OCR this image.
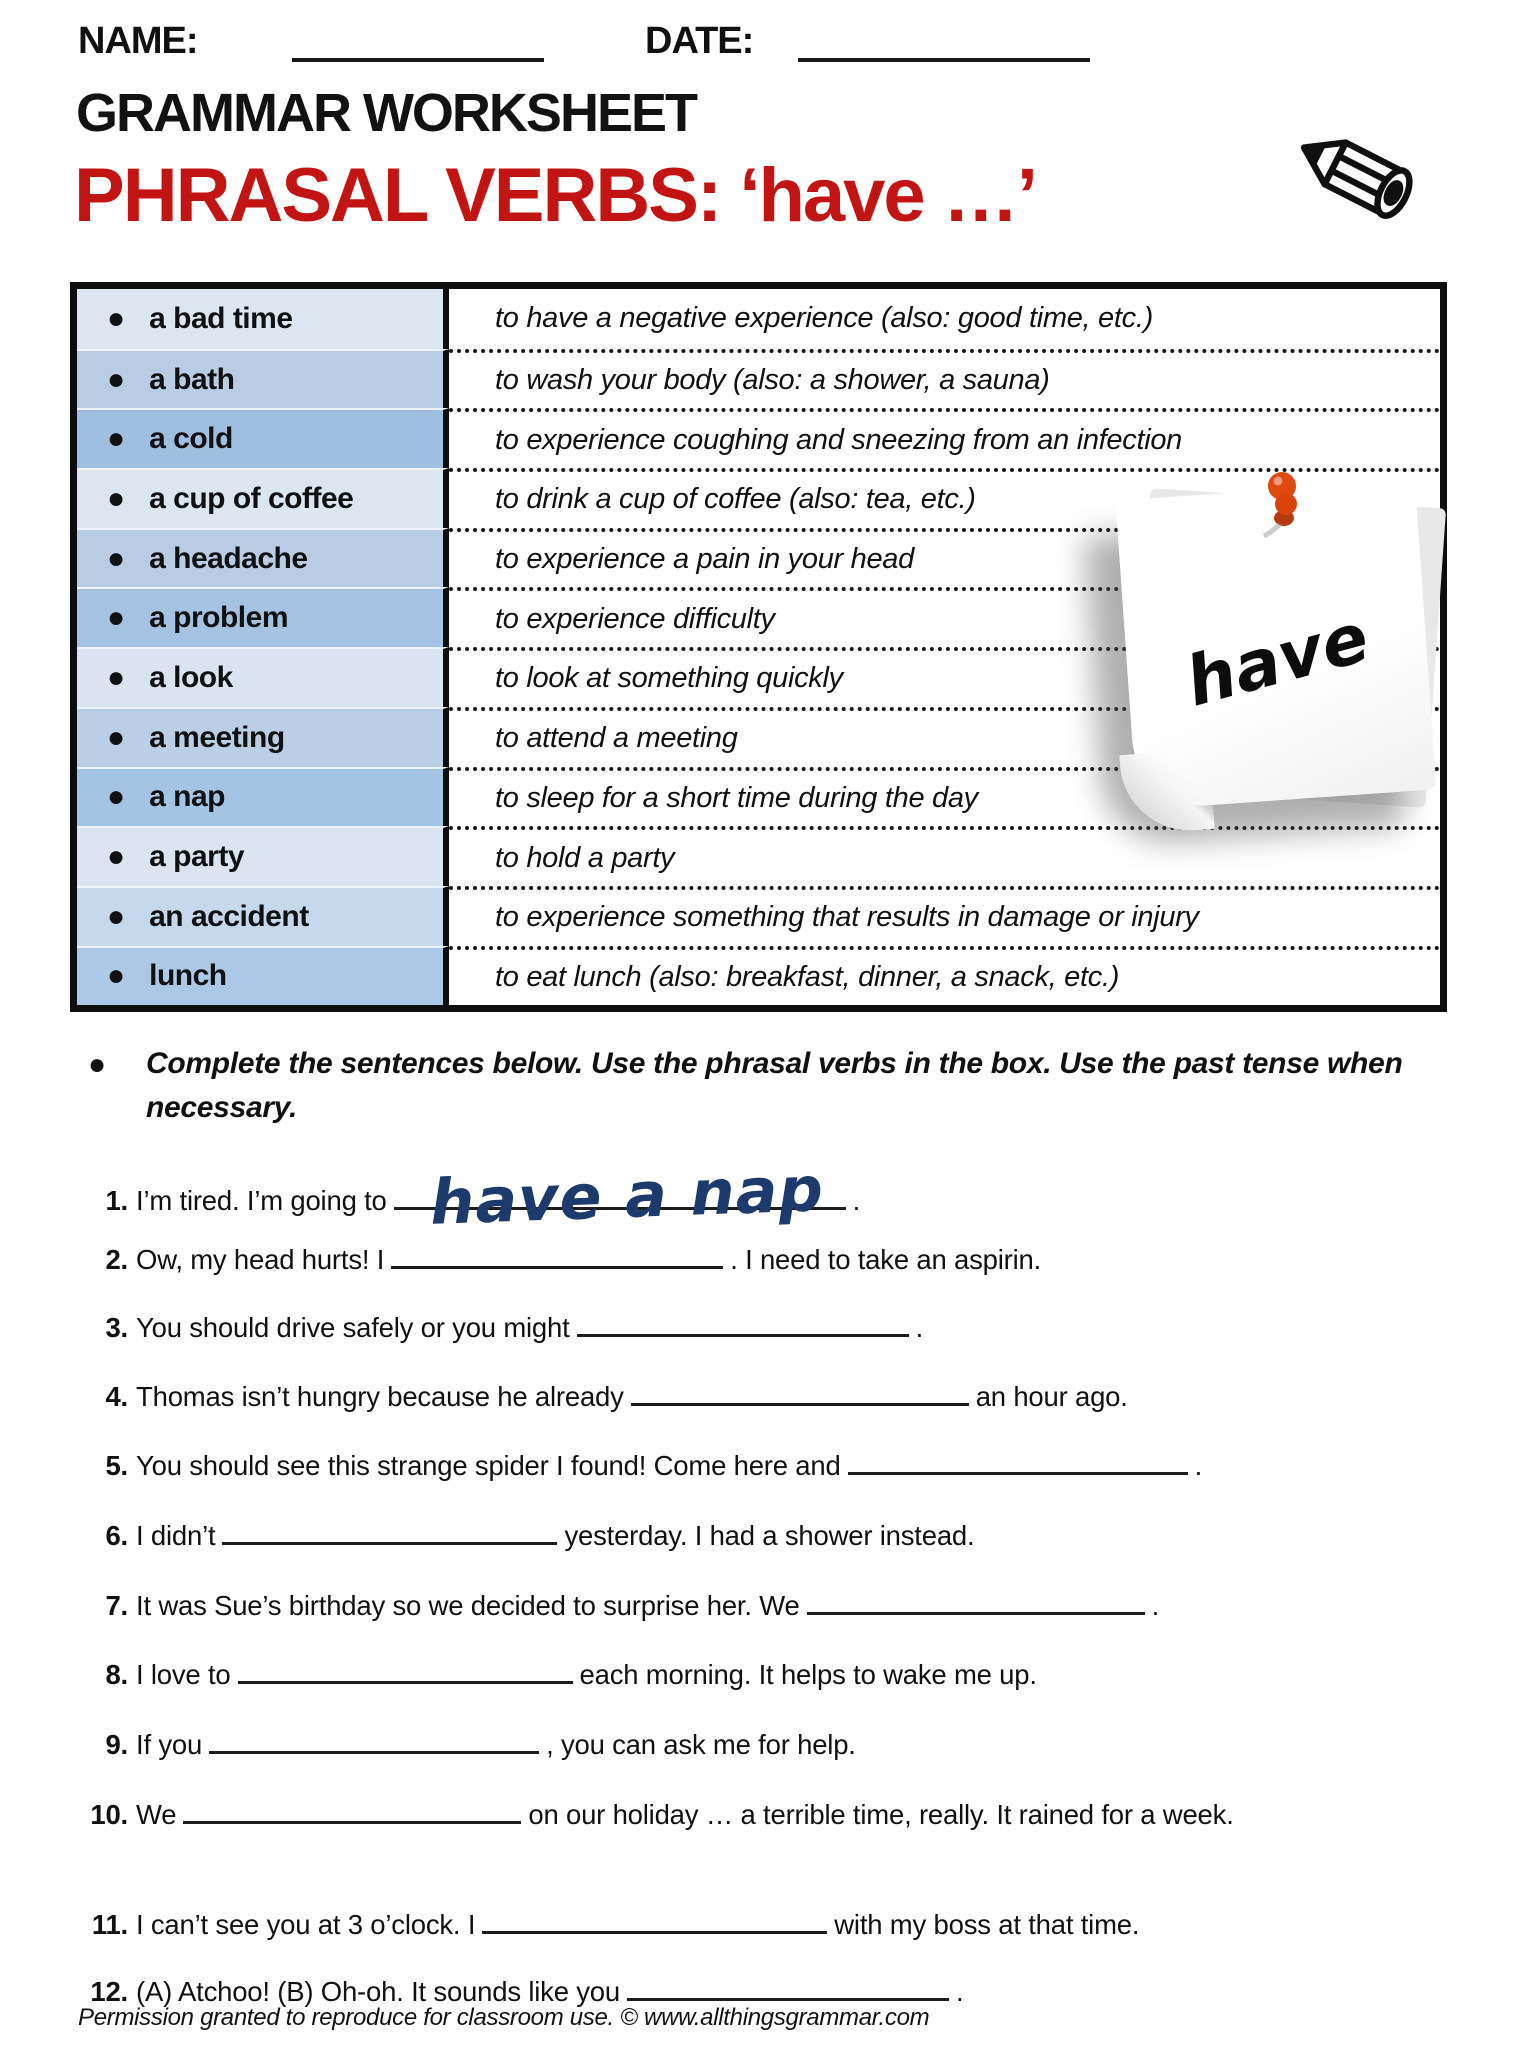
NAME:	DATE:
GRAMMAR WORKSHEET
PHRASAL VERBS: ‘have …’
● a bad time	to have a negative experience (also: good time, etc.)
● a bath	to wash your body (also: a shower, a sauna)
● a cold	to experience coughing and sneezing from an infection
● a cup of coffee	to drink a cup of coffee (also: tea, etc.)
● a headache	to experience a pain in your head
● a problem	to experience difficulty
● a look	to look at something quickly
● a meeting	to attend a meeting
● a nap	to sleep for a short time during the day
● a party	to hold a party
● an accident	to experience something that results in damage or injury
● lunch	to eat lunch (also: breakfast, dinner, a snack, etc.)
have
● Complete the sentences below. Use the phrasal verbs in the box. Use the past tense when necessary.
1. I’m tired. I’m going to have a nap .
2. Ow, my head hurts! I	. I need to take an aspirin.
3. You should drive safely or you might	.
4. Thomas isn’t hungry because he already	an hour ago.
5. You should see this strange spider I found! Come here and	.
6. I didn’t	yesterday. I had a shower instead.
7. It was Sue’s birthday so we decided to surprise her. We	.
8. I love to	each morning. It helps to wake me up.
9. If you	, you can ask me for help.
10. We	on our holiday … a terrible time, really. It rained for a week.
11. I can’t see you at 3 o’clock. I	with my boss at that time.
12. (A) Atchoo! (B) Oh-oh. It sounds like you	.
Permission granted to reproduce for classroom use. © www.allthingsgrammar.com
